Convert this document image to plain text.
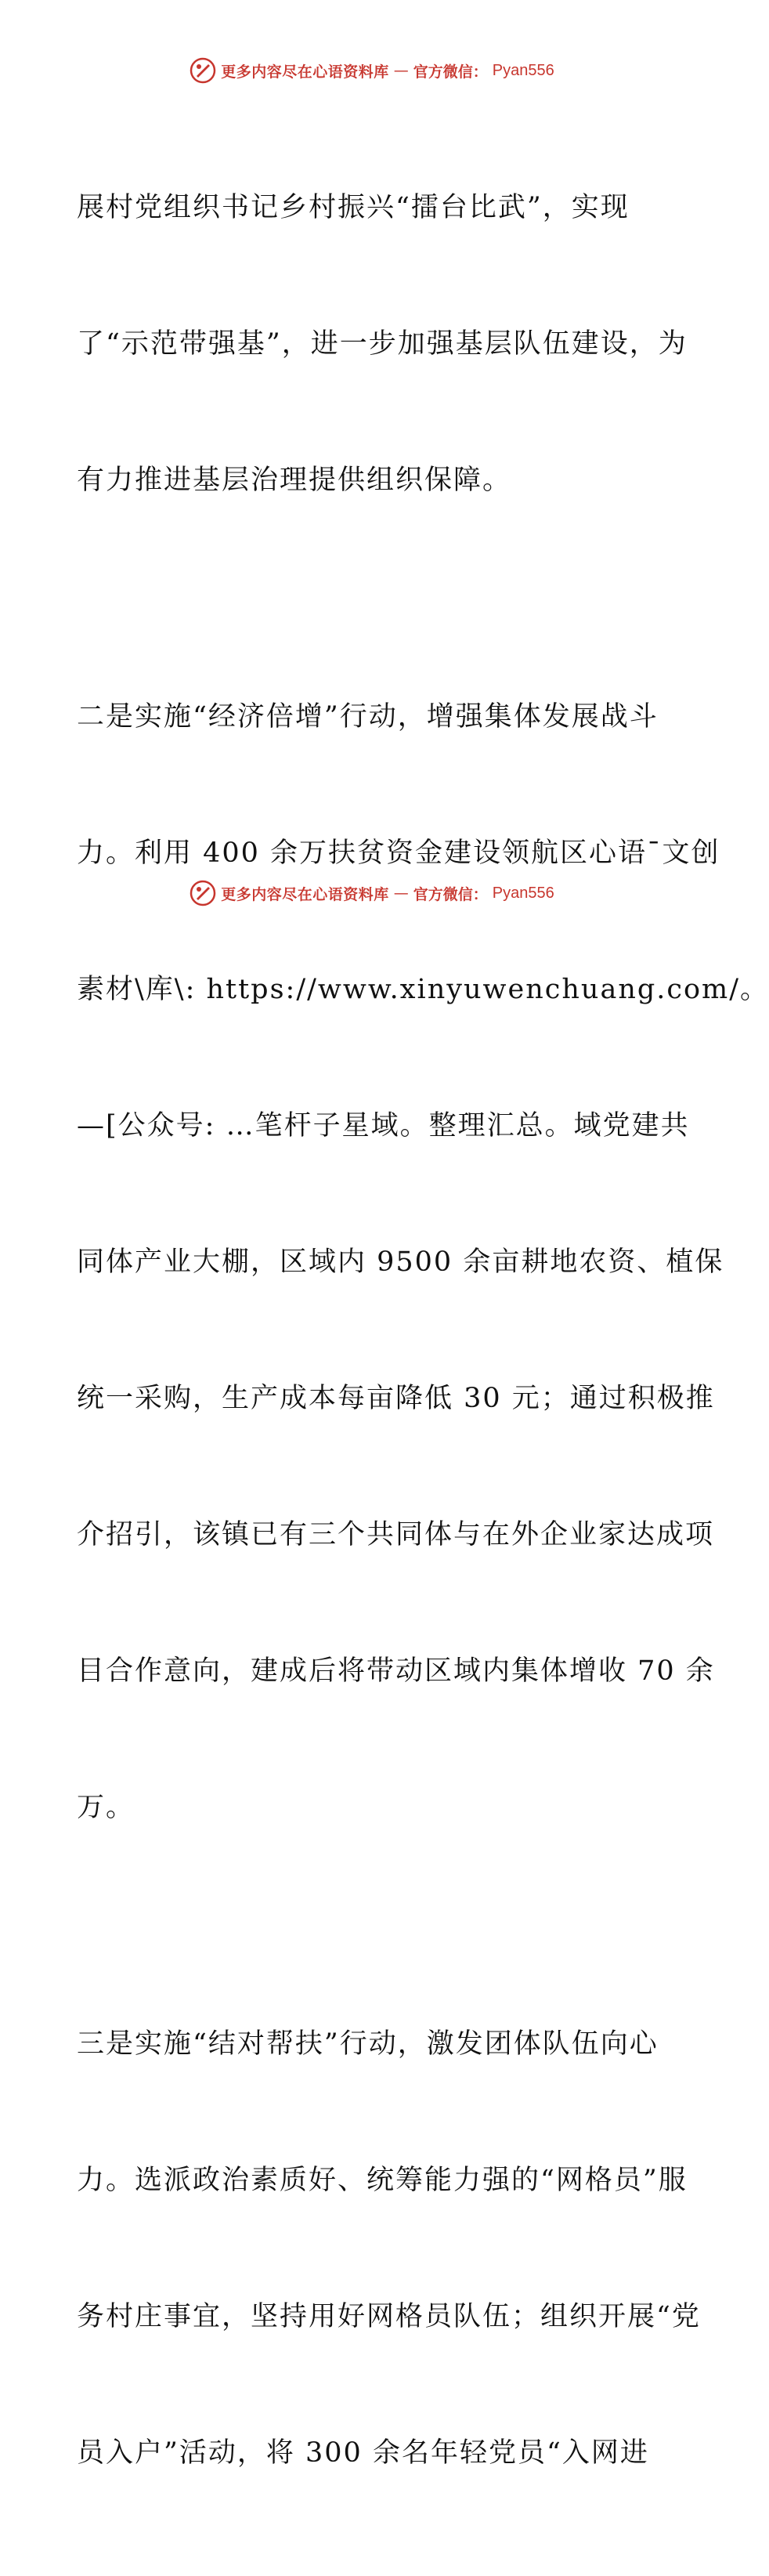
更多内容尽在心语资料库 — 官方微信： Pyan556

展村党组织书记乡村振兴“擂台比武”，实现

了“示范带强基”，进一步加强基层队伍建设，为

有力推进基层治理提供组织保障。

二是实施“经济倍增”行动，增强集体发展战斗

力。利用 400 余万扶贫资金建设领航区心语¯文创

素材\库\: https://www.xinyuwenchuang.com/。

—[公众号: …笔杆子星域。整理汇总。域党建共

同体产业大棚，区域内 9500 余亩耕地农资、植保

统一采购，生产成本每亩降低 30 元；通过积极推

介招引，该镇已有三个共同体与在外企业家达成项

目合作意向，建成后将带动区域内集体增收 70 余

万。

三是实施“结对帮扶”行动，激发团体队伍向心

力。选派政治素质好、统筹能力强的“网格员”服

务村庄事宜，坚持用好网格员队伍；组织开展“党

员入户”活动，将 300 余名年轻党员“入网进

更多内容尽在心语资料库 — 官方微信： Pyan556
